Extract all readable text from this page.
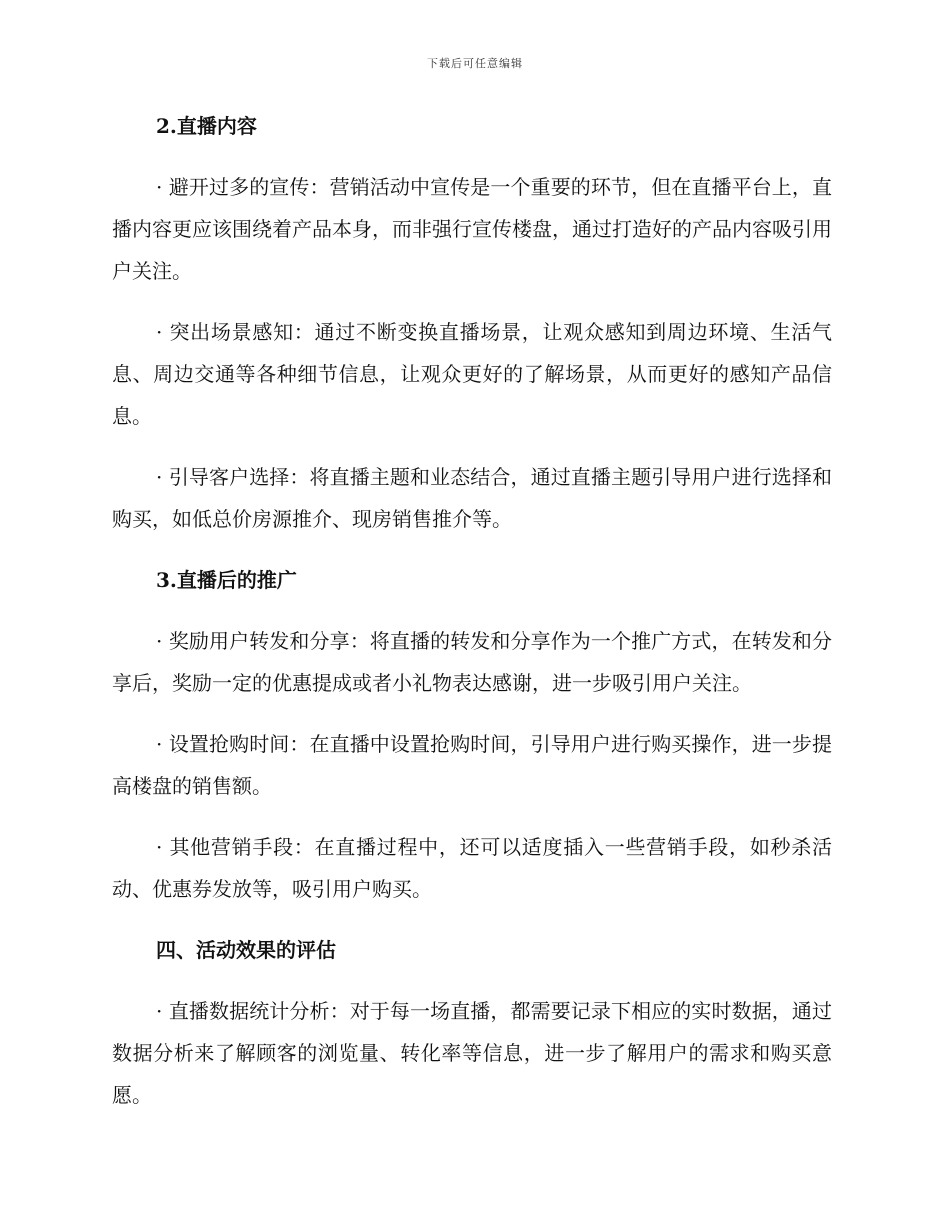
下载后可任意编辑
2.直播内容
· 避开过多的宣传：营销活动中宣传是一个重要的环节，但在直播平台上，直播内容更应该围绕着产品本身，而非强行宣传楼盘，通过打造好的产品内容吸引用户关注。
· 突出场景感知：通过不断变换直播场景，让观众感知到周边环境、生活气息、周边交通等各种细节信息，让观众更好的了解场景，从而更好的感知产品信息。
· 引导客户选择：将直播主题和业态结合，通过直播主题引导用户进行选择和购买，如低总价房源推介、现房销售推介等。
3.直播后的推广
· 奖励用户转发和分享：将直播的转发和分享作为一个推广方式，在转发和分享后，奖励一定的优惠提成或者小礼物表达感谢，进一步吸引用户关注。
· 设置抢购时间：在直播中设置抢购时间，引导用户进行购买操作，进一步提高楼盘的销售额。
· 其他营销手段：在直播过程中，还可以适度插入一些营销手段，如秒杀活动、优惠券发放等，吸引用户购买。
四、活动效果的评估
· 直播数据统计分析：对于每一场直播，都需要记录下相应的实时数据，通过数据分析来了解顾客的浏览量、转化率等信息，进一步了解用户的需求和购买意愿。
